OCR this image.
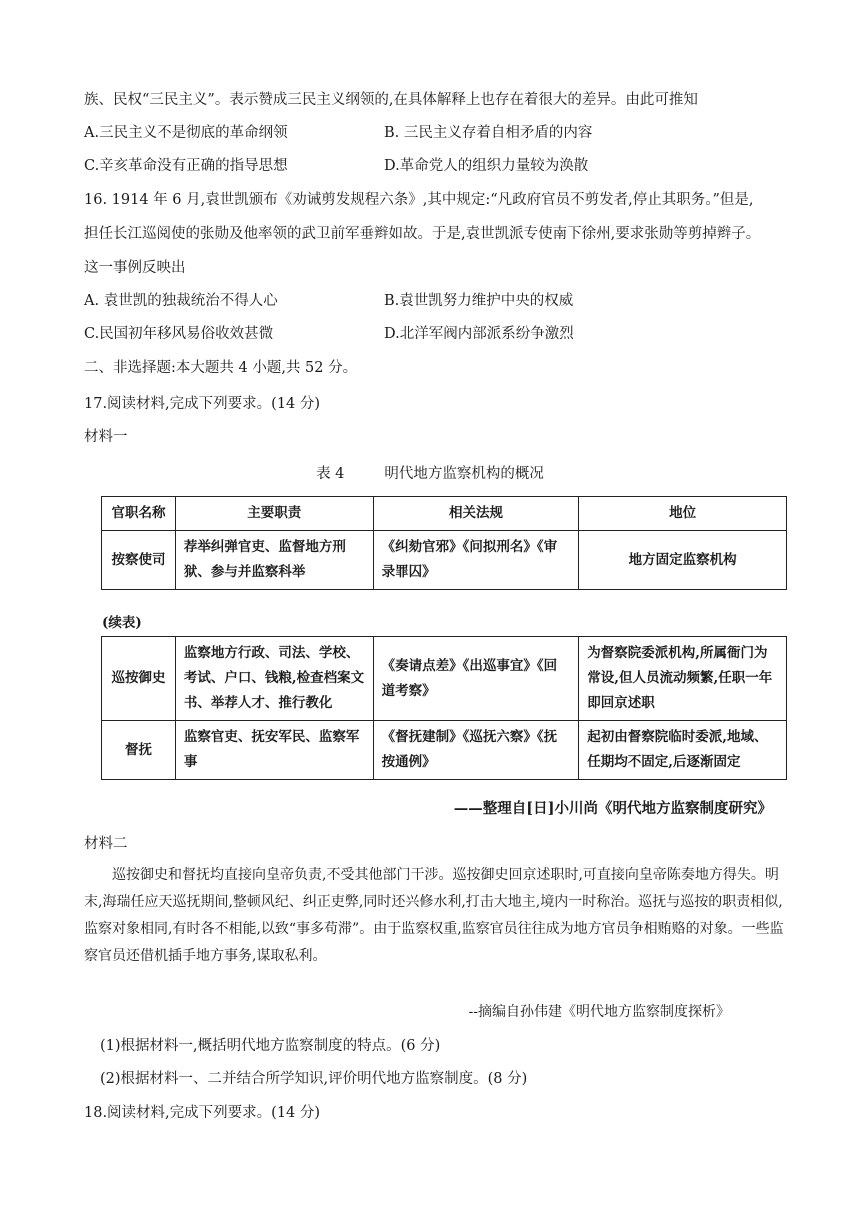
族、民权“三民主义”。表示赞成三民主义纲领的,在具体解释上也存在着很大的差异。由此可推知
A.三民主义不是彻底的革命纲领	B. 三民主义存着自相矛盾的内容
C.辛亥革命没有正确的指导思想	D.革命党人的组织力量较为涣散
16. 1914 年 6 月,袁世凯颁布《劝诫剪发规程六条》,其中规定:“凡政府官员不剪发者,停止其职务。”但是,
担任长江巡阅使的张勋及他率领的武卫前军垂辫如故。于是,袁世凯派专使南下徐州,要求张勋等剪掉辫子。
这一事例反映出
A. 袁世凯的独裁统治不得人心	B.袁世凯努力维护中央的权威
C.民国初年移风易俗收效甚微	D.北洋军阀内部派系纷争激烈
二、非选择题:本大题共 4 小题,共 52 分。
17.阅读材料,完成下列要求。(14 分)
材料一
表 4	明代地方监察机构的概况
官职名称	主要职责	相关法规	地位
按察使司	荐举纠弹官吏、监督地方刑狱、参与并监察科举	《纠劾官邪》《问拟刑名》《审录罪囚》	地方固定监察机构
(续表)
巡按御史	监察地方行政、司法、学校、考试、户口、钱粮,检查档案文书、举荐人才、推行教化	《奏请点差》《出巡事宜》《回道考察》	为督察院委派机构,所属衙门为常设,但人员流动频繁,任职一年即回京述职
督抚	监察官吏、抚安军民、监察军事	《督抚建制》《巡抚六察》《抚按通例》	起初由督察院临时委派,地域、任期均不固定,后逐渐固定
——整理自[日]小川尚《明代地方监察制度研究》
材料二

巡按御史和督抚均直接向皇帝负责,不受其他部门干涉。巡按御史回京述职时,可直接向皇帝陈奏地方得失。明末,海瑞任应天巡抚期间,整顿风纪、纠正吏弊,同时还兴修水利,打击大地主,境内一时称治。巡抚与巡按的职责相似,监察对象相同,有时各不相能,以致“事多苟滞”。由于监察权重,监察官员往往成为地方官员争相贿赂的对象。一些监察官员还借机插手地方事务,谋取私利。

--摘编自孙伟建《明代地方监察制度探析》
(1)根据材料一,概括明代地方监察制度的特点。(6 分)
(2)根据材料一、二并结合所学知识,评价明代地方监察制度。(8 分)
18.阅读材料,完成下列要求。(14 分)
